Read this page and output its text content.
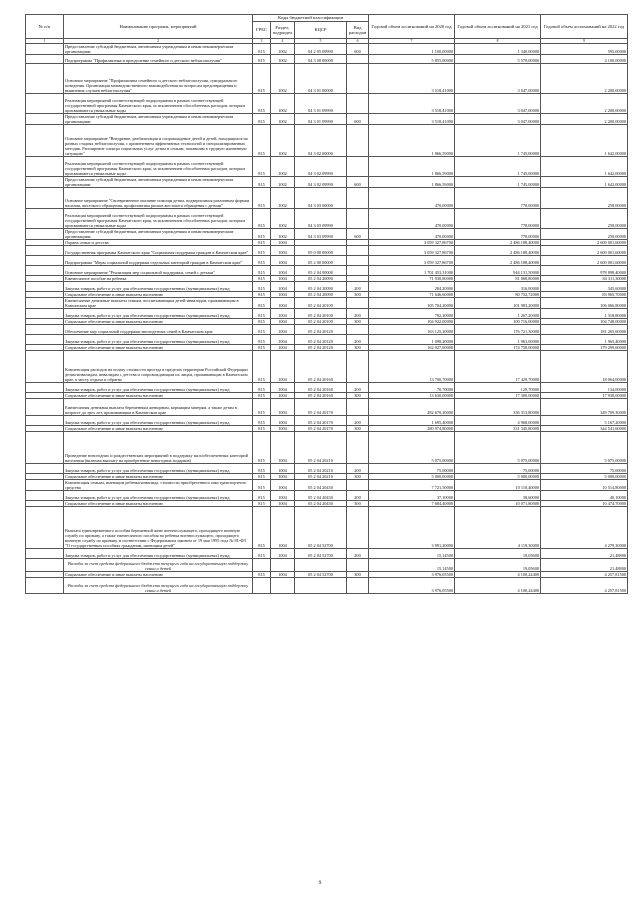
№ п/п	Наименование программ, мероприятий	Коды бюджетной классификации				Годовой объем ассигнований на 2020 год	Годовой объем ассигнований на 2021 год	Годовой объем ассигнований на 2022 год
		ГРБС	Раздел, подраздел	КЦСР	Вид расходов			
1	2	3	4	5	6	7	8	9
	Предоставление субсидий бюджетным, автономным учреждениям и иным некоммерческим организациям	815	1002	04 2 05 09990	600	1 100,00000	1 340,00000	595,00000
	Подпрограмма "Профилактика и преодоление семейного и детского неблагополучия"	815	1002	04 3 00 00000		5 855,00000	5 570,00000	4 100,00000
	Основное мероприятие "Профилактика семейного и детского неблагополучия, суицидального поведения. Организация межведомственного взаимодействия по вопросам предотвращения и выявления случаев неблагополучия"	815	1002	04 3 01 00000		3 518,41000	3 047,00000	2 200,00000
	Реализация мероприятий соответствующей подпрограммы в рамках соответствующей государственной программы Камчатского края, за исключением обособленных расходов, которым присваиваются уникальные коды	815	1002	04 3 01 09990		3 518,41000	3 047,00000	2 200,00000
	Предоставление субсидий бюджетным, автономным учреждениям и иным некоммерческим организациям	815	1002	04 3 01 09990	600	3 518,41000	3 047,00000	2 200,00000
	Основное мероприятие "Внедрение, реабилитация и сопровождение детей и детей, находящихся на разных стадиях неблагополучия, с применением эффективных технологий и специализированных методик. Расширение спектра социальных услуг детям и семьям, попавшим в трудную жизненную ситуацию"	815	1002	04 3 02 00000		1 866,59000	1 745,00000	1 642,00000
	Реализация мероприятий соответствующей подпрограммы в рамках соответствующей государственной программы Камчатского края, за исключением обособленных расходов, которым присваиваются уникальные коды	815	1002	04 3 02 09990		1 866,59000	1 745,00000	1 642,00000
	Предоставление субсидий бюджетным, автономным учреждениям и иным некоммерческим организациям	815	1002	04 3 02 09990	600	1 866,59000	1 745,00000	1 642,00000
	Основное мероприятие "Своевременное оказание помощи детям, подвергшимся различным формам насилия, жестокого обращения, профилактика рисков жестокого обращения с детьми"	815	1002	04 3 03 00000		470,00000	778,00000	258,00000
	Реализация мероприятий соответствующей подпрограммы в рамках соответствующей государственной программы Камчатского края, за исключением обособленных расходов, которым присваиваются уникальные коды	815	1002	04 3 03 09990		470,00000	778,00000	258,00000
	Предоставление субсидий бюджетным, автономным учреждениям и иным некоммерческим организациям	815	1002	04 3 03 09990	600	470,00000	778,00000	258,00000
	Охрана семьи и детства	815	1004			3 059 327,86700	2 486 188,40000	2 600 001,60000
	Государственная программа Камчатского края "Социальная поддержка граждан в Камчатском крае"	815	1004	05 0 00 00000		3 059 327,86700	2 486 188,40000	2 600 001,60000
	Подпрограмма "Меры социальной поддержки отдельных категорий граждан в Камчатском крае"	815	1004	05 2 00 00000		3 059 327,86700	2 486 188,40000	2 600 001,60000
	Основное мероприятие "Реализация мер социальной поддержки, семей с детьми"	815	1004	05 2 04 00000		1 701 453,31000	944 131,50000	978 898,40000
	Ежемесячное пособие на ребенка	815	1004	05 2 04 20090		71 930,80000	81 068,80000	84 311,30000
	Закупка товаров, работ и услуг для обеспечения государственных (муниципальных) нужд	815	1004	05 2 04 20090	200	284,20000	316,00000	345,60000
	Социальное обеспечение и иные выплаты населению	815	1004	05 2 04 20090	300	71 646,60000	80 752,72000	83 965,70000
	Ежемесячные денежные выплаты семьям, воспитывающим детей-инвалидов, проживающим в Камчатском крае	815	1004	05 2 04 20100		105 704,20000	101 983,20000	106 066,80000
	Закупка товаров, работ и услуг для обеспечения государственных (муниципальных) нужд	815	1004	05 2 04 20100	200	782,20000	1 267,20000	1 318,80000
	Социальное обеспечение и иные выплаты населению	815	1004	05 2 04 20100	300	104 922,00000	100 716,00000	104 748,00000
	Обеспечение мер социальной поддержки многодетных семей в Камчатском крае	815	1004	05 2 04 20120		163 125,20000	176 721,30000	181 265,60000
	Закупка товаров, работ и услуг для обеспечения государственных (муниципальных) нужд	815	1004	05 2 04 20120	200	1 098,20000	1 963,00000	1 965,40000
	Социальное обеспечение и иные выплаты населению	815	1004	05 2 04 20120	300	162 027,00000	174 758,00000	179 299,60000
	Компенсация расходов на оплату стоимости проезда в пределах территории Российской Федерации детям-инвалидам, инвалидам с детства и сопровождающим их лицам, проживающим в Камчатском крае, к месту отдыха и обратно	815	1004	05 2 04 20160		13 700,70000	17 429,70000	18 064,00000
	Закупка товаров, работ и услуг для обеспечения государственных (муниципальных) нужд	815	1004	05 2 04 20160	200	70,70000	129,70000	134,00000
	Социальное обеспечение и иные выплаты населению	815	1004	05 2 04 20160	300	13 630,00000	17 300,00000	17 930,00000
	Ежемесячная денежная выплата беременным женщинам, кормящим матерям, а также детям в возрасте до трех лет, проживающим в Камчатском крае	815	1004	05 2 04 20170		282 670,20000	336 313,80000	349 709,30000
	Закупка товаров, работ и услуг для обеспечения государственных (муниципальных) нужд	815	1004	05 2 04 20170	200	1 695,40000	4 968,00000	5 167,20000
	Социальное обеспечение и иные выплаты населению	815	1004	05 2 04 20170	300	280 974,80000	331 345,80000	344 541,60000
	Проведение новогодних и рождественских мероприятий в поддержку малообеспеченных категорий населения (включая выплату на приобретение новогодних подарков)	815	1004	05 2 04 20210		5 075,00000	5 075,00000	5 075,00000
	Закупка товаров, работ и услуг для обеспечения государственных (муниципальных) нужд	815	1004	05 2 04 20210	200	75,00000	75,00000	75,00000
	Социальное обеспечение и иные выплаты населению	815	1004	05 2 04 20210	300	5 000,00000	5 000,00000	5 000,00000
	Компенсация семьям, имеющим ребенка-инвалида, стоимости приобретенного ими транспортного средства	815	1004	05 2 04 20430		7 721,50000	10 110,40000	10 514,80000
	Закупка товаров, работ и услуг для обеспечения государственных (муниципальных) нужд	815	1004	05 2 04 20430	200	37,10000	38,60000	40,10000
	Социальное обеспечение и иные выплаты населению	815	1004	05 2 04 20430	300	7 684,40000	10 071,80000	10 474,70000
	Выплата единовременного пособия беременной жене военнослужащего, проходящего военную службу по призыву, а также ежемесячного пособия на ребенка военнослужащего, проходящего военную службу по призыву, в соответствии с Федеральным законом от 19 мая 1995 года № 81-ФЗ "О государственных пособиях гражданам, имеющим детей"	815	1004	05 2 04 52700		3 991,20000	4 119,30000	4 279,30000
	Закупка товаров, работ и услуг для обеспечения государственных (муниципальных) нужд	815	1004	05 2 04 52700	200	15,14500	19,05600	21,48800
	Расходы за счет средств федерального бюджета текущего года на государственную поддержку семьи и детей					15,14500	19,05600	21,48800
	Социальное обеспечение и иные выплаты населению	815	1004	05 2 04 52700	300	3 976,05500	4 100,24400	4 257,81500
	Расходы за счет средств федерального бюджета текущего года на государственную поддержку семьи и детей					3 976,05500	4 100,24400	4 257,81500
9
